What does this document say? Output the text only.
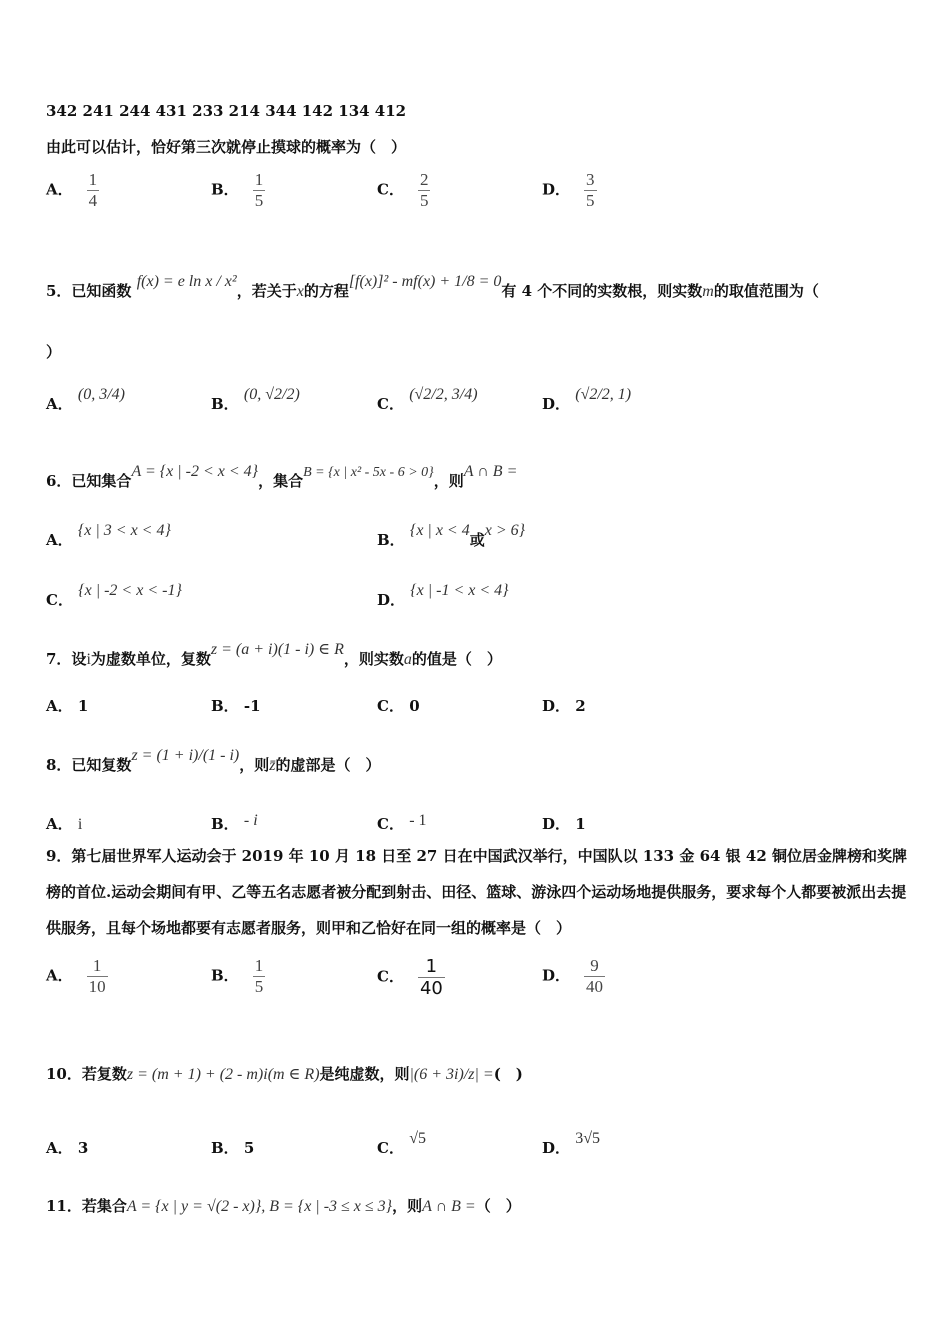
342 241 244 431 233 214 344 142 134 412
由此可以估计，恰好第三次就停止摸球的概率为（　）
A． $\frac{1}{4}$	B． $\frac{1}{5}$	C． $\frac{2}{5}$	D． $\frac{3}{5}$
5．已知函数 f(x) = e ln x / x²，若关于x的方程[f(x)]² - mf(x) + 1/8 = 0有 4 个不同的实数根，则实数m的取值范围为（
）
A． (0, 3/4)
B． (0, √2/2)
C． (√2/2, 3/4)
D． (√2/2, 1)
6．已知集合A = {x | -2 < x < 4}，集合B = {x | x² - 5x - 6 > 0}，则A ∩ B =
A． {x | 3 < x < 4}
B． {x | x < 4或x > 6}
C． {x | -2 < x < -1}
D． {x | -1 < x < 4}
7．设i为虚数单位，复数z = (a + i)(1 - i) ∈ R，则实数a的值是（　）
A． 1	B． -1	C． 0	D． 2
8．已知复数z = (1 + i)/(1 - i)，则z̄的虚部是（　）
A． i	B． - i	C． - 1	D． 1
9．第七届世界军人运动会于 2019 年 10 月 18 日至 27 日在中国武汉举行，中国队以 133 金 64 银 42 铜位居金牌榜和奖牌榜的首位.运动会期间有甲、乙等五名志愿者被分配到射击、田径、篮球、游泳四个运动场地提供服务，要求每个人都要被派出去提供服务，且每个场地都要有志愿者服务，则甲和乙恰好在同一组的概率是（　）
A． $\frac{1}{10}$	B． $\frac{1}{5}$	C． $\frac{1}{40}$	D． $\frac{9}{40}$
10．若复数z = (m + 1) + (2 - m)i(m ∈ R)是纯虚数，则|(6 + 3i)/z| =(　)
A． 3	B． 5	C． √5
D． 3√5
11．若集合A = {x | y = √(2 - x)}, B = {x | -3 ≤ x ≤ 3}，则A ∩ B =（　）
